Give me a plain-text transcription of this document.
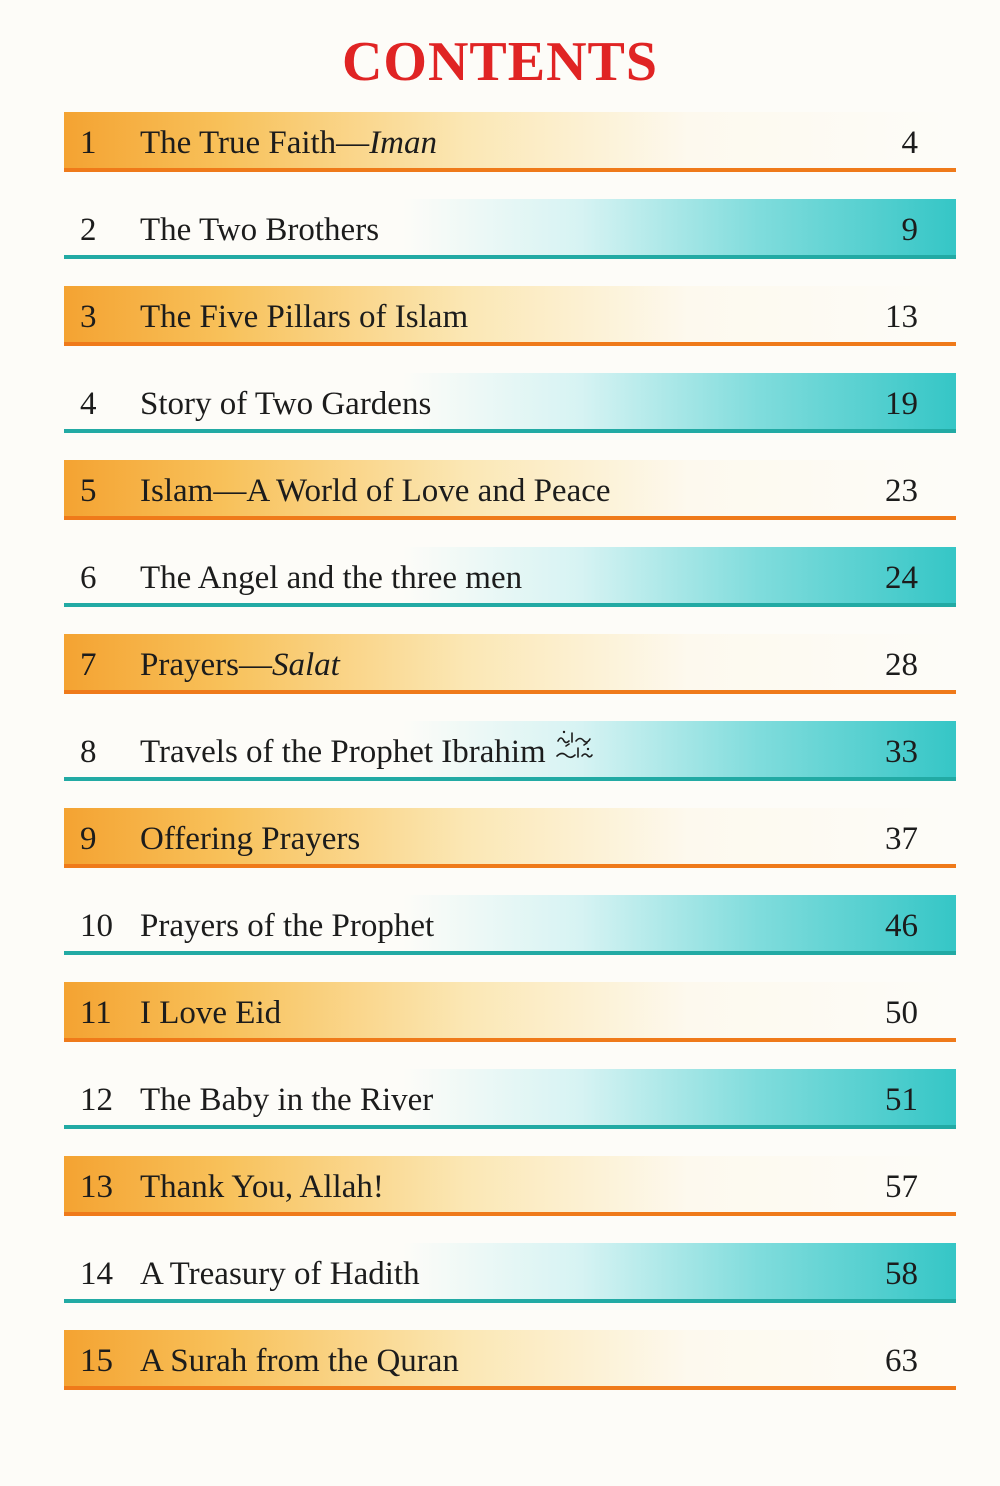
CONTENTS
1 The True Faith—Iman	4
2 The Two Brothers	9
3 The Five Pillars of Islam	13
4 Story of Two Gardens	19
5 Islam—A World of Love and Peace	23
6 The Angel and the three men	24
7 Prayers—Salat	28
8 Travels of the Prophet Ibrahim	33
9 Offering Prayers	37
10 Prayers of the Prophet	46
11 I Love Eid	50
12 The Baby in the River	51
13 Thank You, Allah!	57
14 A Treasury of Hadith	58
15 A Surah from the Quran	63
